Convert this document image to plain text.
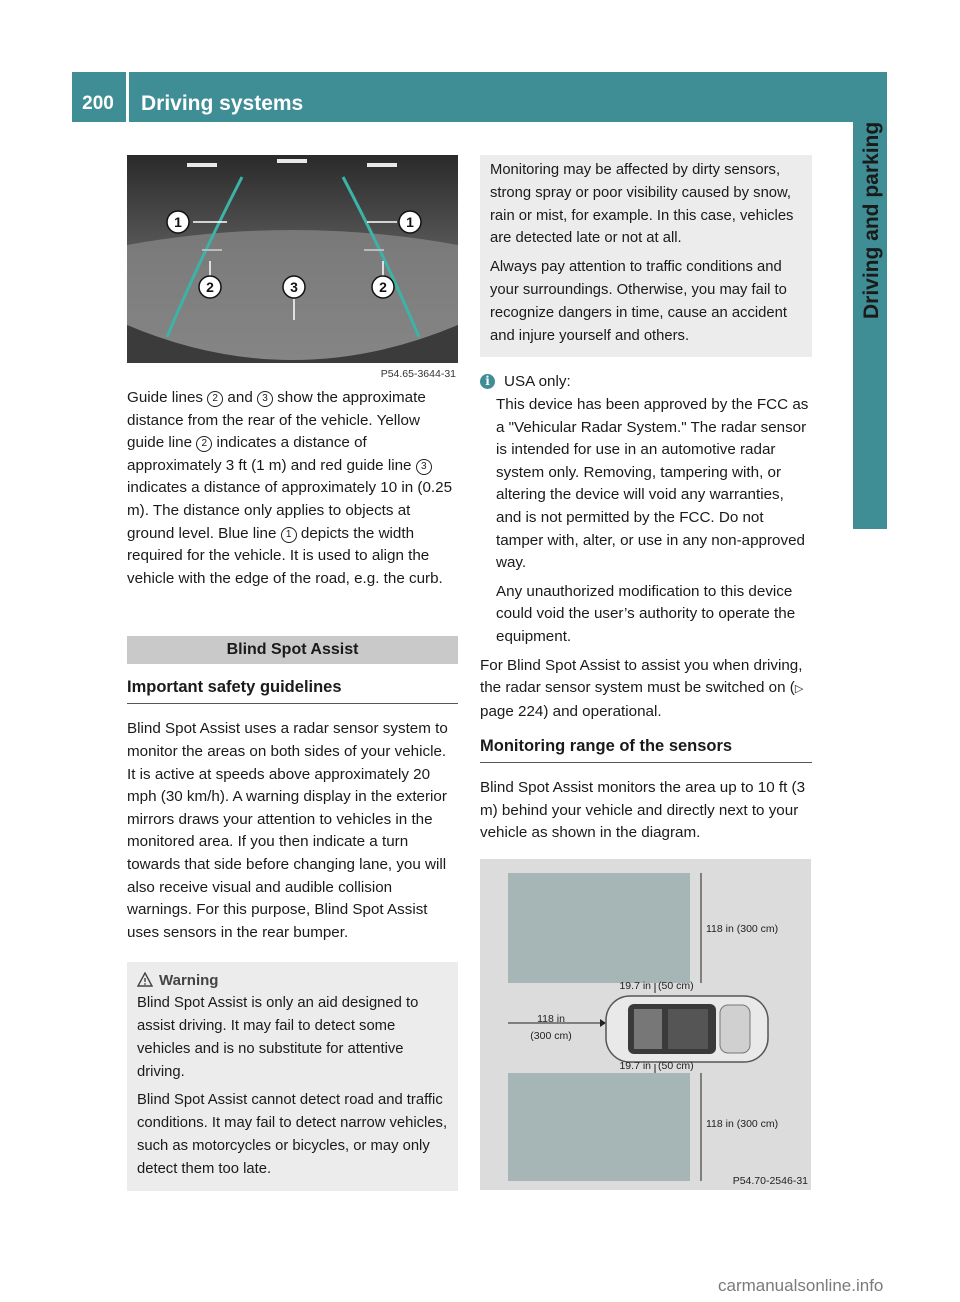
200	Driving systems
Driving and parking
1	1
2	3	2
P54.65-3644-31

Guide lines 2 and 3 show the approximate distance from the rear of the vehicle. Yellow guide line 2 indicates a distance of approximately 3 ft (1 m) and red guide line 3 indicates a distance of approximately 10 in (0.25 m). The distance only applies to objects at ground level. Blue line 1 depicts the width required for the vehicle. It is used to align the vehicle with the edge of the road, e.g. the curb.

Blind Spot Assist
Important safety guidelines

Blind Spot Assist uses a radar sensor system to monitor the areas on both sides of your vehicle. It is active at speeds above approximately 20 mph (30 km/h). A warning display in the exterior mirrors draws your attention to vehicles in the monitored area. If you then indicate a turn towards that side before changing lane, you will also receive visual and audible collision warnings. For this purpose, Blind Spot Assist uses sensors in the rear bumper.

Warning

Blind Spot Assist is only an aid designed to assist driving. It may fail to detect some vehicles and is no substitute for attentive driving.

Blind Spot Assist cannot detect road and traffic conditions. It may fail to detect narrow vehicles, such as motorcycles or bicycles, or may only detect them too late.

Monitoring may be affected by dirty sensors, strong spray or poor visibility caused by snow, rain or mist, for example. In this case, vehicles are detected late or not at all.

Always pay attention to traffic conditions and your surroundings. Otherwise, you may fail to recognize dangers in time, cause an accident and injure yourself and others.

i USA only:

This device has been approved by the FCC as a "Vehicular Radar System." The radar sensor is intended for use in an automotive radar system only. Removing, tampering with, or altering the device will void any warranties, and is not permitted by the FCC. Do not tamper with, alter, or use in any non-approved way.

Any unauthorized modification to this device could void the user’s authority to operate the equipment.

For Blind Spot Assist to assist you when driving, the radar sensor system must be switched on (▷ page 224) and operational.

Monitoring range of the sensors

Blind Spot Assist monitors the area up to 10 ft (3 m) behind your vehicle and directly next to your vehicle as shown in the diagram.

118 in (300 cm)
19.7 in (50 cm)
118 in
(300 cm)
19.7 in (50 cm)
118 in (300 cm)
P54.70-2546-31
carmanualsonline.info
